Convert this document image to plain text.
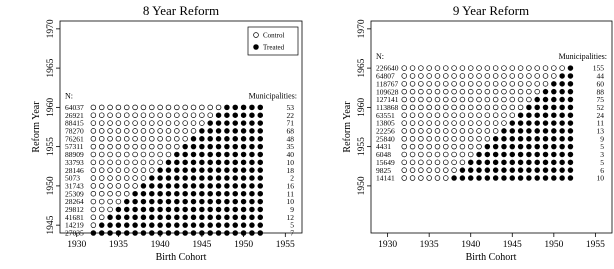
8 Year Reform
1930 1935 1940 1945 1950 1955
1945
1950
1955
1960
1965
1970
Birth Cohort
Reform Year
N:	Municipalities:
64037	53
26921	22
88415	71
78270	68
76261	48
57311	35
88909	40
33793	10
28146	18
5073	2
31743	16
25309	11
28264	10
29812	9
41681	12
14219	5
27035	7
Control
Treated
9 Year Reform
1930 1935 1940 1945 1950 1955
1950
1955
1960
1965
1970
Birth Cohort
Reform Year
N:	Municipalities:
226640	155
64807	44
118767	60
109628	88
127141	75
113868	52
63551	24
13805	11
22256	13
25840	9
4431	5
6048	3
15649	5
9825	6
14141	10
